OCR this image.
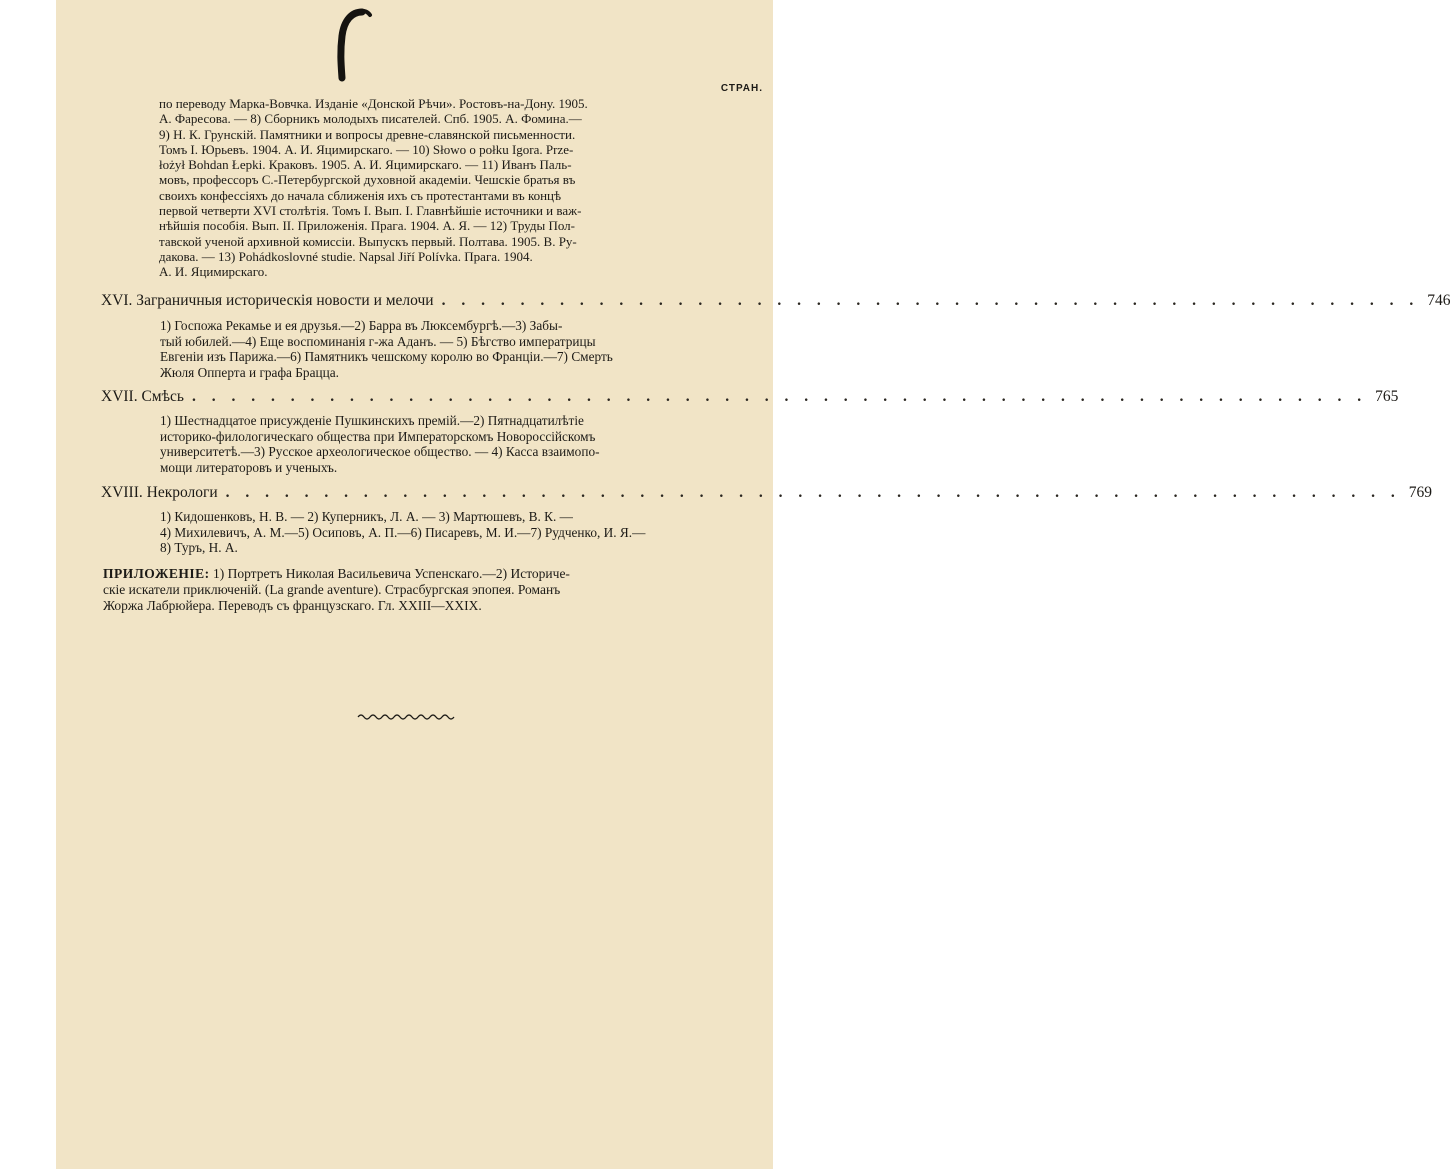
СТРАН.
по переводу Марка-Вовчка. Изданіе «Донской Рѣчи». Ростовъ-на-Дону. 1905.
А. Фаресова. — 8) Сборникъ молодыхъ писателей. Спб. 1905. А. Фомина.—
9) Н. К. Грунскій. Памятники и вопросы древне-славянской письменности.
Томъ I. Юрьевъ. 1904. А. И. Яцимирскаго. — 10) Słowo o połku Igora. Prze-
łożył Bohdan Łepki. Краковъ. 1905. А. И. Яцимирскаго. — 11) Иванъ Паль-
мовъ, профессоръ С.-Петербургской духовной академіи. Чешскіе братья въ
своихъ конфессіяхъ до начала сближенія ихъ съ протестантами въ концѣ
первой четверти XVI столѣтія. Томъ I. Вып. I. Главнѣйшіе источники и важ-
нѣйшія пособія. Вып. II. Приложенія. Прага. 1904. А. Я. — 12) Труды Пол-
тавской ученой архивной комиссіи. Выпускъ первый. Полтава. 1905. В. Ру-
дакова. — 13) Pohádkoslovné studie. Napsal Jiří Polívka. Прага. 1904.
А. И. Яцимирскаго.
XVI. Заграничныя историческія новости и мелочи . . . . . . . . . . . . . . . . . . . . . . . . . . . . . . . . . . . . . . . . . . . . . . . . . . 746
1) Госпожа Рекамье и ея друзья.—2) Барра въ Люксембургѣ.—3) Забы-
тый юбилей.—4) Еще воспоминанія г-жа Аданъ. — 5) Бѣгство императрицы
Евгеніи изъ Парижа.—6) Памятникъ чешскому королю во Франціи.—7) Смерть
Жюля Опперта и графа Брацца.
XVII. Смѣсь . . . . . . . . . . . . . . . . . . . . . . . . . . . . . . . . . . . . . . . . . . . . . . . . . . . . . . . . . . . . 765
1) Шестнадцатое присужденіе Пушкинскихъ премій.—2) Пятнадцатилѣтіе
историко-филологическаго общества при Императорскомъ Новороссійскомъ
университетѣ.—3) Русское археологическое общество. — 4) Касса взаимопо-
мощи литераторовъ и ученыхъ.
XVIII. Некрологи . . . . . . . . . . . . . . . . . . . . . . . . . . . . . . . . . . . . . . . . . . . . . . . . . . . . . . . . . . . . 769
1) Кидошенковъ, Н. В. — 2) Куперникъ, Л. А. — 3) Мартюшевъ, В. К. —
4) Михилевичъ, А. М.—5) Осиповъ, А. П.—6) Писаревъ, М. И.—7) Рудченко, И. Я.—
8) Туръ, Н. А.
ПРИЛОЖЕНІЕ: 1) Портретъ Николая Васильевича Успенскаго.—2) Историче-
скіе искатели приключеній. (La grande aventure). Страсбургская эпопея. Романъ
Жоржа Лабрюйера. Переводъ съ французскаго. Гл. XXIII—XXIX.
